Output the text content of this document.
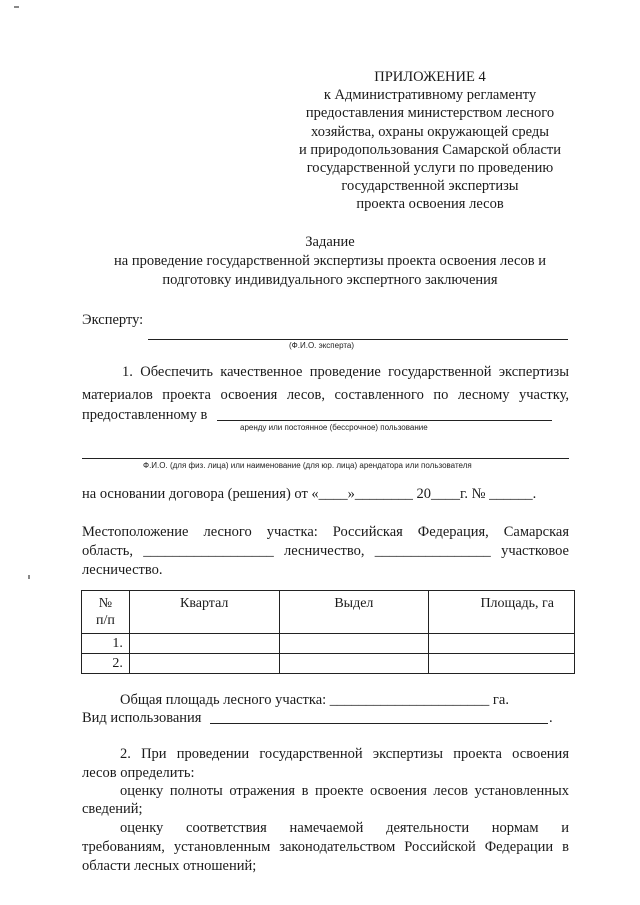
ПРИЛОЖЕНИЕ 4
к Административному регламенту
предоставления министерством лесного
хозяйства, охраны окружающей среды
и природопользования Самарской области
государственной услуги по проведению
государственной экспертизы
проекта освоения лесов
Задание
на проведение государственной экспертизы проекта освоения лесов и
подготовку индивидуального экспертного заключения
Эксперту:
(Ф.И.О. эксперта)
1. Обеспечить качественное проведение государственной экспертизы
материалов проекта освоения лесов, составленного по лесному участку,
предоставленному в
аренду или постоянное (бессрочное) пользование
Ф.И.О. (для физ. лица) или наименование (для юр. лица) арендатора или пользователя
на основании договора (решения) от «____»________ 20____г. № ______.
Местоположение лесного участка: Российская Федерация, Самарская
область, __________________ лесничество, ________________ участковое
лесничество.
№
п/п	Квартал	Выдел	Площадь, га
1.			
2.			
Общая площадь лесного участка: ______________________ га.
Вид использования	.
2. При проведении государственной экспертизы проекта освоения
лесов определить:
оценку полноты отражения в проекте освоения лесов установленных
сведений;
оценку соответствия намечаемой деятельности нормам и
требованиям, установленным законодательством Российской Федерации в
области лесных отношений;
